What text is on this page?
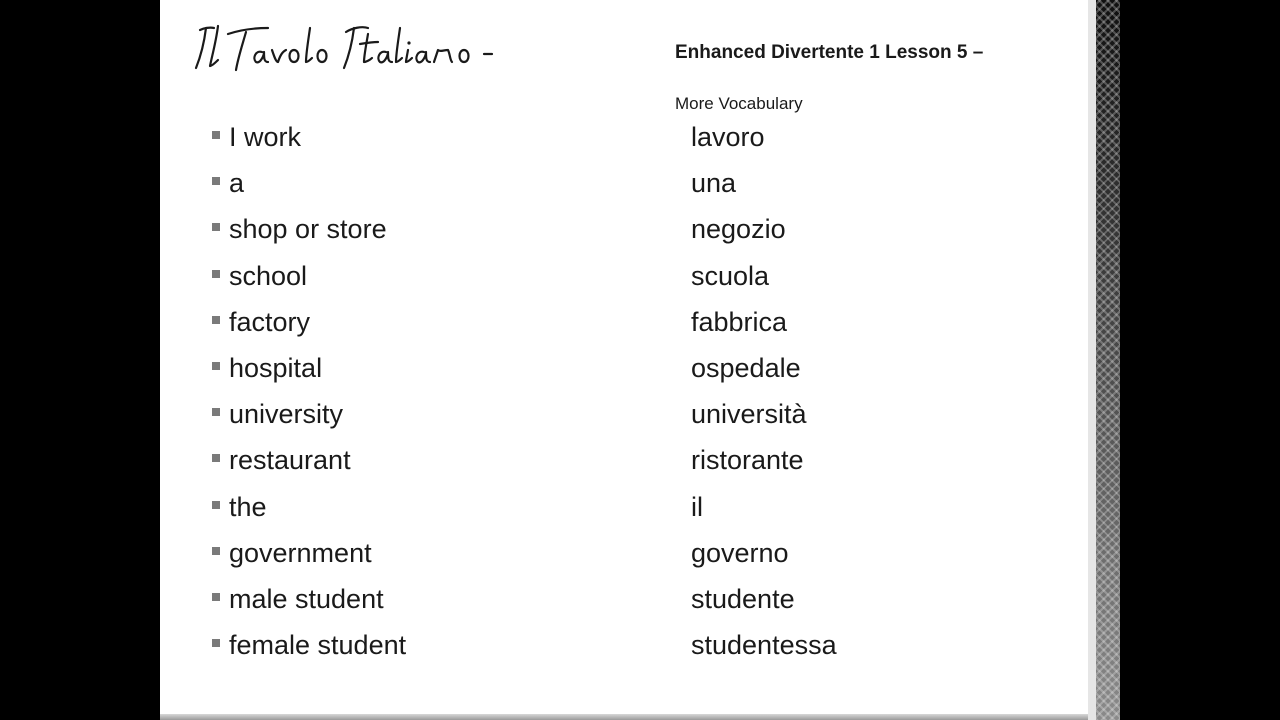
Enhanced Divertente 1 Lesson 5 –
More Vocabulary
I work	lavoro
a	una
shop or store	negozio
school	scuola
factory	fabbrica
hospital	ospedale
university	università
restaurant	ristorante
the	il
government	governo
male student	studente
female student	studentessa
